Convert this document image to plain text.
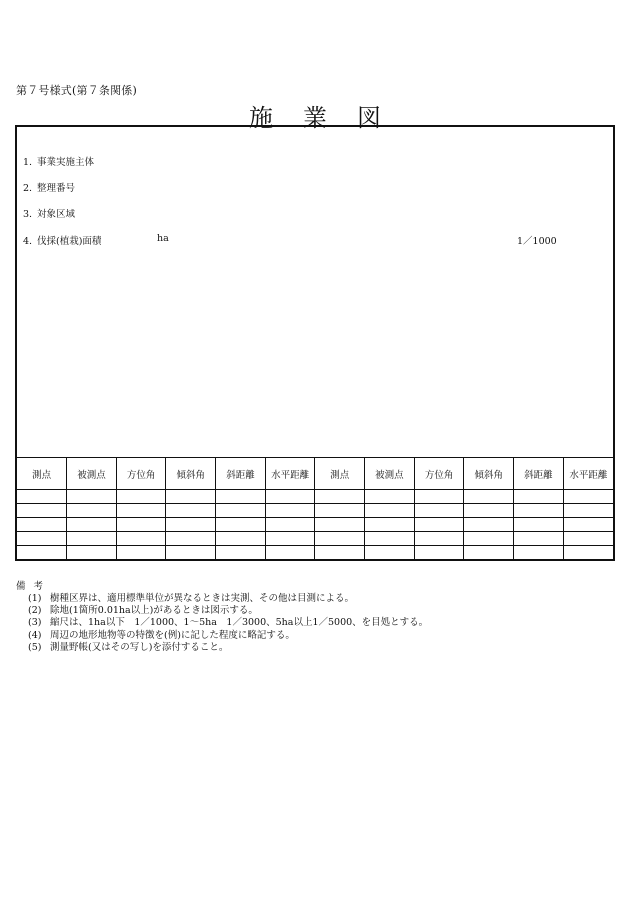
第７号様式(第７条関係)
施業図
1. 事業実施主体
2. 整理番号
3. 対象区域
4. 伐採(植栽)面積	ha	1／1000
測点	被測点	方位角	傾斜角	斜距離	水平距離	測点	被測点	方位角	傾斜角	斜距離	水平距離

備考
(1) 樹種区界は、適用標準単位が異なるときは実測、その他は目測による。
(2) 除地(1箇所0.01ha以上)があるときは図示する。
(3) 縮尺は、1ha以下　1／1000、1～5ha　1／3000、5ha以上1／5000、を目処とする。
(4) 周辺の地形地物等の特徴を(例)に記した程度に略記する。
(5) 測量野帳(又はその写し)を添付すること。
